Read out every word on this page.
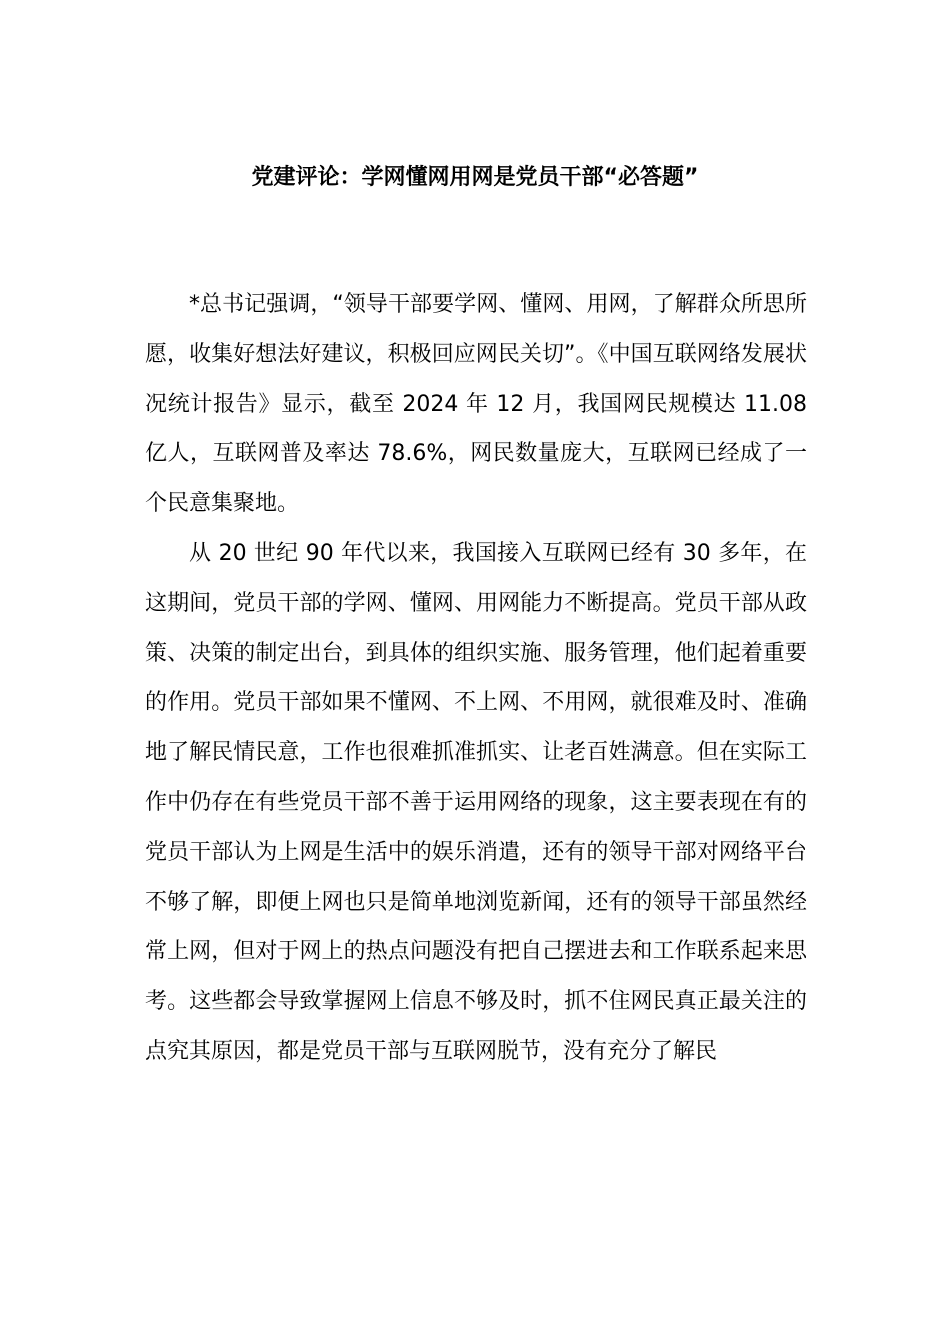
党建评论：学网懂网用网是党员干部“必答题”

*总书记强调，“领导干部要学网、懂网、用网，了解群众所思所愿，收集好想法好建议，积极回应网民关切”。《中国互联网络发展状况统计报告》显示，截至 2024 年 12 月，我国网民规模达 11.08 亿人，互联网普及率达 78.6%，网民数量庞大，互联网已经成了一个民意集聚地。

从 20 世纪 90 年代以来，我国接入互联网已经有 30 多年，在这期间，党员干部的学网、懂网、用网能力不断提高。党员干部从政策、决策的制定出台，到具体的组织实施、服务管理，他们起着重要的作用。党员干部如果不懂网、不上网、不用网，就很难及时、准确地了解民情民意，工作也很难抓准抓实、让老百姓满意。但在实际工作中仍存在有些党员干部不善于运用网络的现象，这主要表现在有的党员干部认为上网是生活中的娱乐消遣，还有的领导干部对网络平台不够了解，即便上网也只是简单地浏览新闻，还有的领导干部虽然经常上网，但对于网上的热点问题没有把自己摆进去和工作联系起来思考。这些都会导致掌握网上信息不够及时，抓不住网民真正最关注的点究其原因，都是党员干部与互联网脱节，没有充分了解民
